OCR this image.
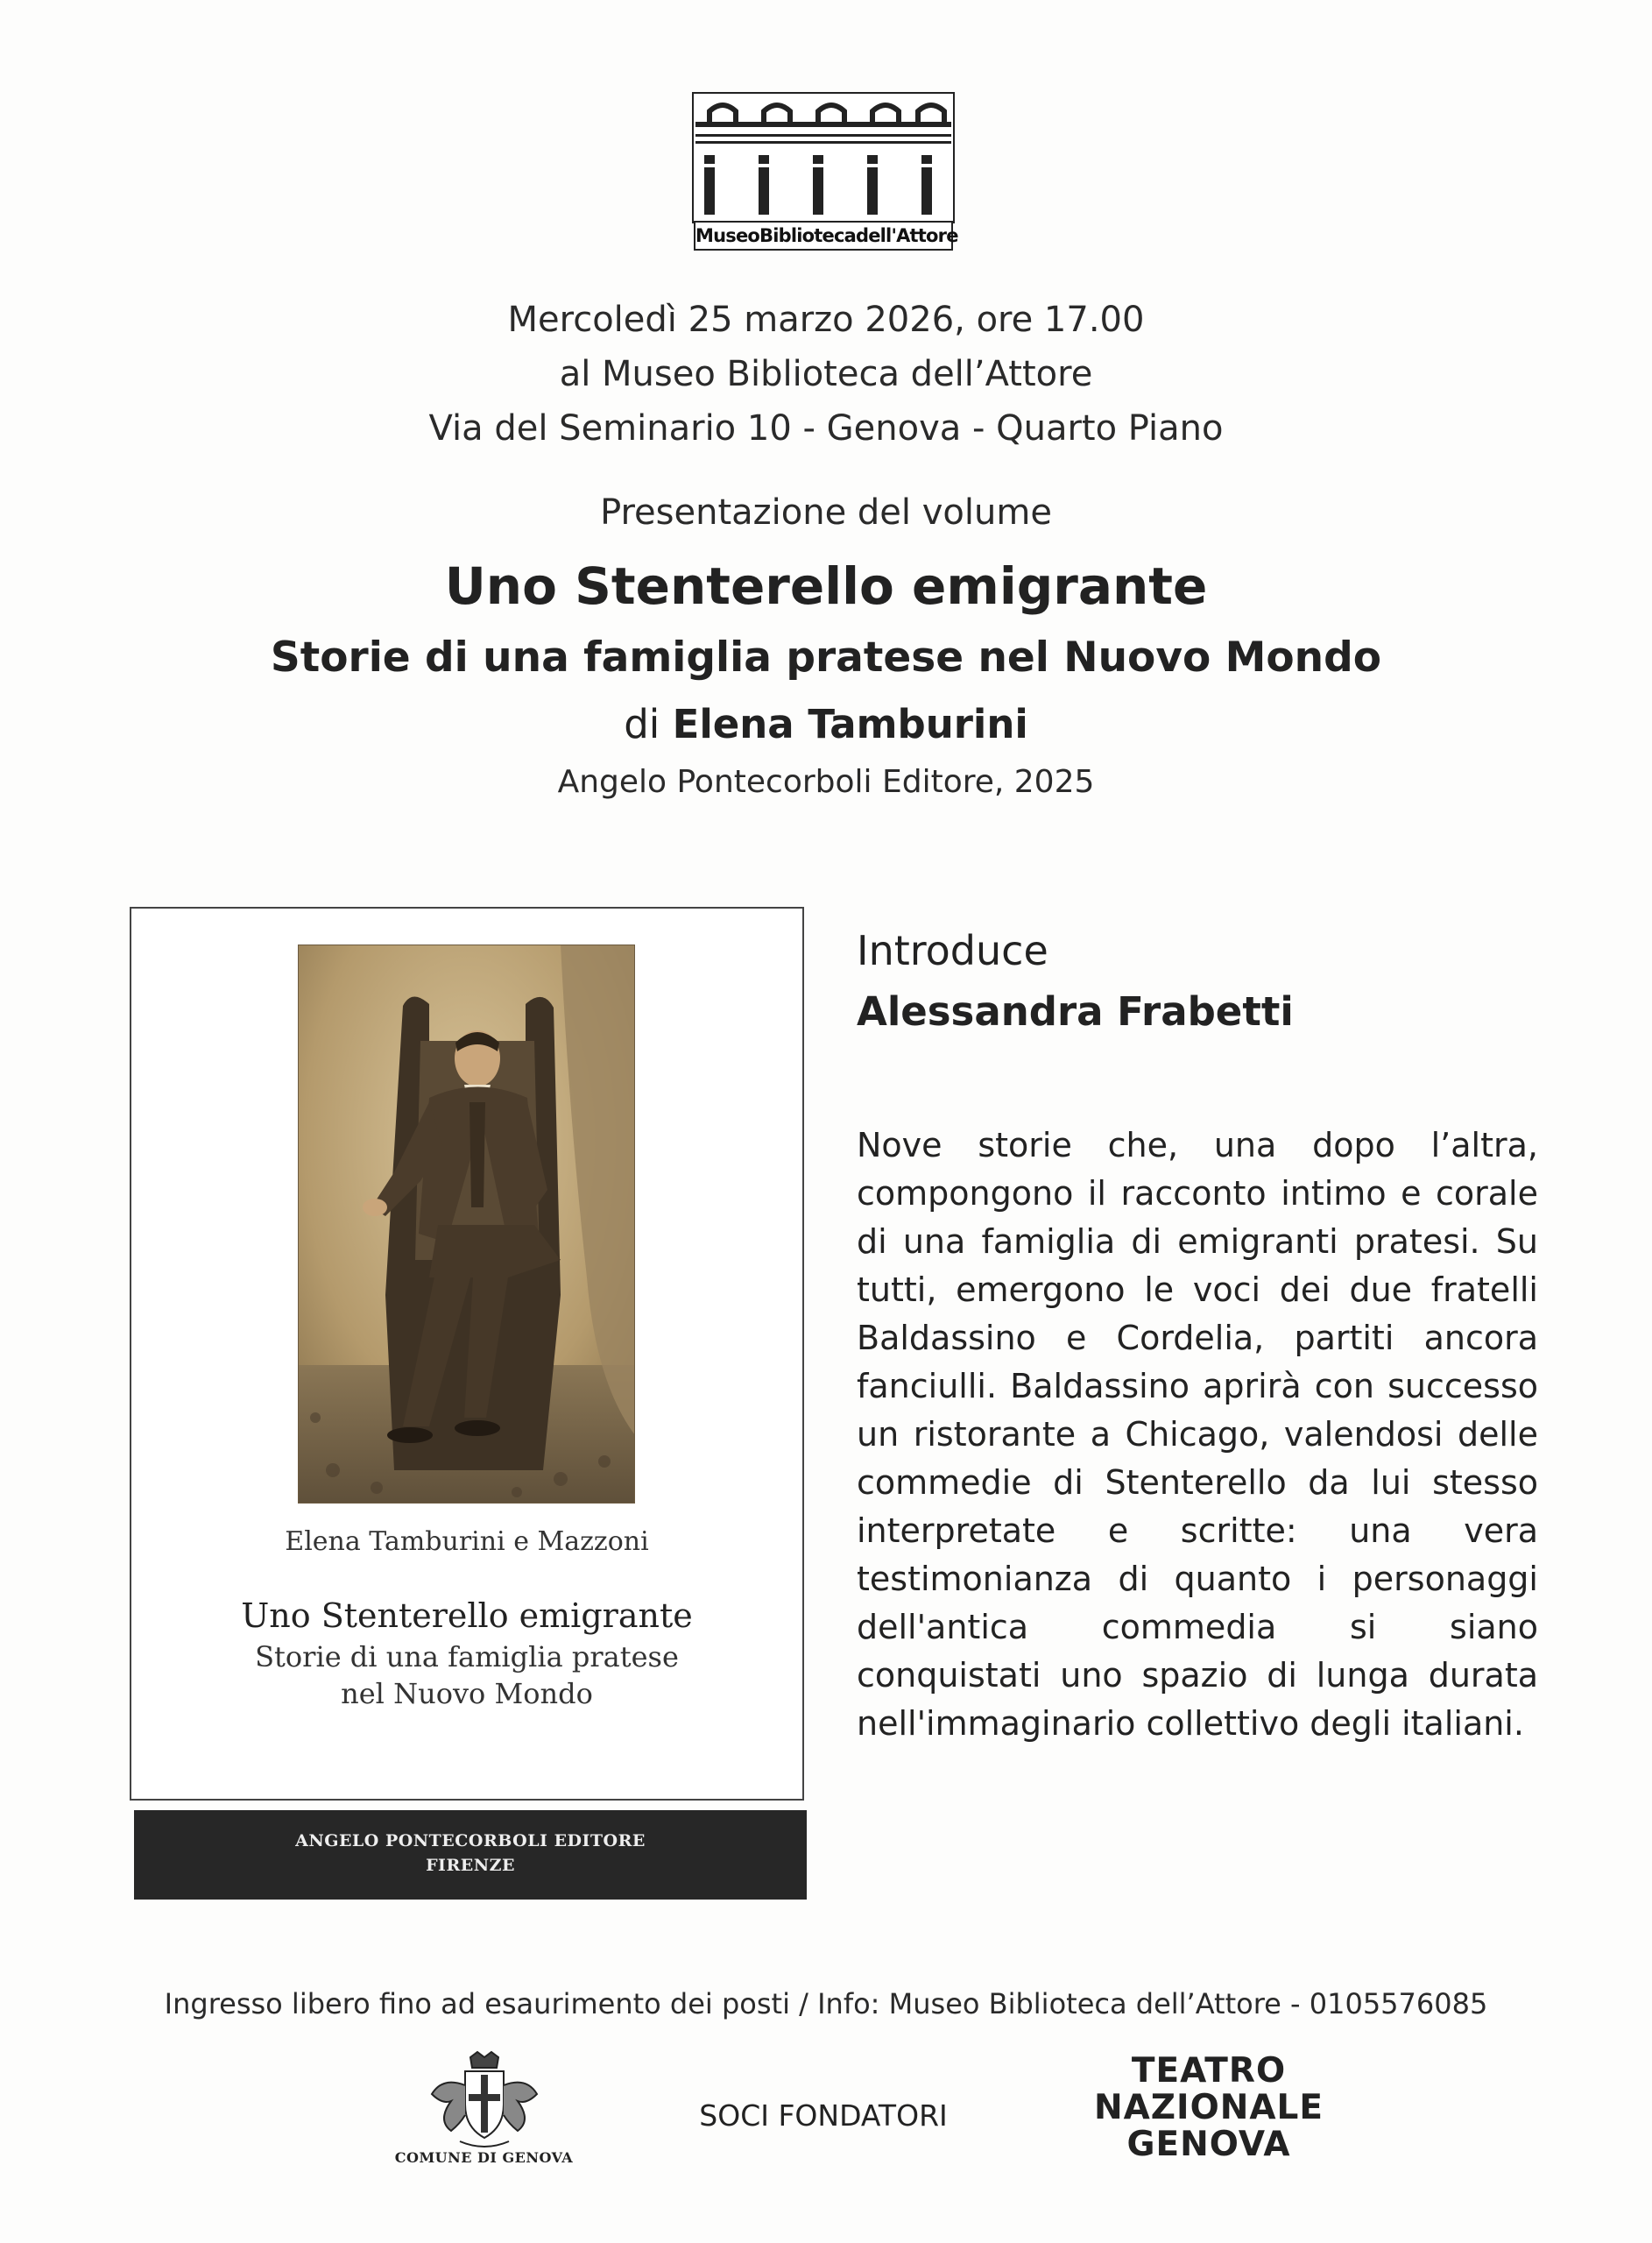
MuseoBibliotecadell'Attore
Mercoledì 25 marzo 2026, ore 17.00
al Museo Biblioteca dell’Attore
Via del Seminario 10 - Genova - Quarto Piano
Presentazione del volume
Uno Stenterello emigrante
Storie di una famiglia pratese nel Nuovo Mondo
di Elena Tamburini
Angelo Pontecorboli Editore, 2025
Elena Tamburini e Mazzoni
Uno Stenterello emigrante
Storie di una famiglia pratese
nel Nuovo Mondo
ANGELO PONTECORBOLI EDITORE
FIRENZE
Introduce
Alessandra Frabetti

Nove storie che, una dopo l’altra, compongono il racconto intimo e corale di una famiglia di emigranti pratesi. Su tutti, emergono le voci dei due fratelli Baldassino e Cordelia, partiti ancora fanciulli. Baldassino aprirà con successo un ristorante a Chicago, valendosi delle commedie di Stenterello da lui stesso interpretate e scritte: una vera testimonianza di quanto i personaggi dell'antica commedia si siano conquistati uno spazio di lunga durata nell'immaginario collettivo degli italiani.

Ingresso libero fino ad esaurimento dei posti / Info: Museo Biblioteca dell’Attore - 0105576085
COMUNE DI GENOVA
SOCI FONDATORI
TEATRO
NAZIONALE
GENOVA
